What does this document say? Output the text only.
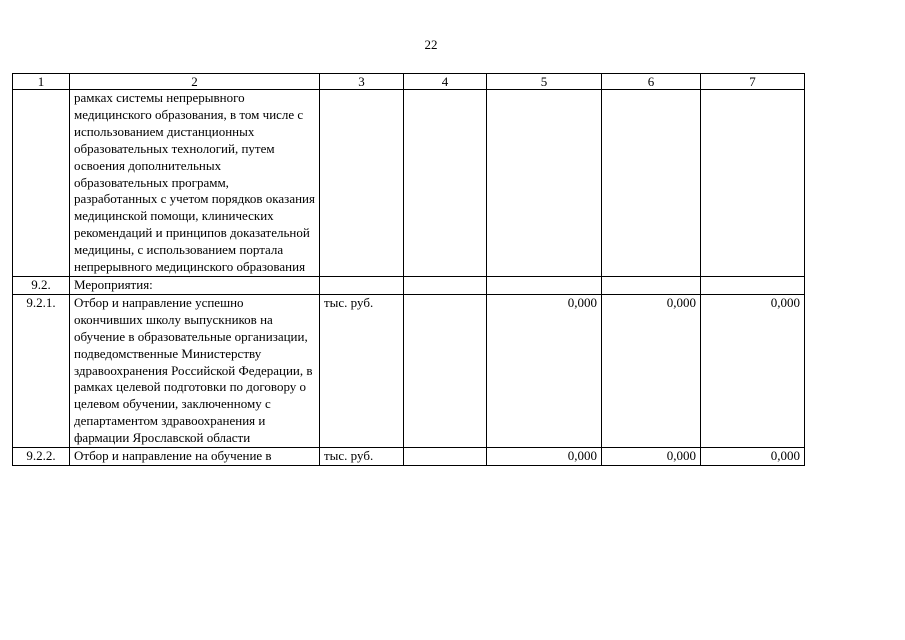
22
1	2	3	4	5	6	7
	рамках системы непрерывного медицинского образования, в том числе с использованием дистанционных образовательных технологий, путем освоения дополнительных образовательных программ, разработанных с учетом порядков оказания медицинской помощи, клинических рекомендаций и принципов доказательной медицины, с использованием портала непрерывного медицинского образования					
9.2.	Мероприятия:					
9.2.1.	Отбор и направление успешно окончивших школу выпускников на обучение в образовательные организации, подведомственные Министерству здравоохранения Российской Федерации, в рамках целевой подготовки по договору о целевом обучении, заключенному с департаментом здравоохранения и фармации Ярославской области	тыс. руб.		0,000	0,000	0,000
9.2.2.	Отбор и направление на обучение в	тыс. руб.		0,000	0,000	0,000
